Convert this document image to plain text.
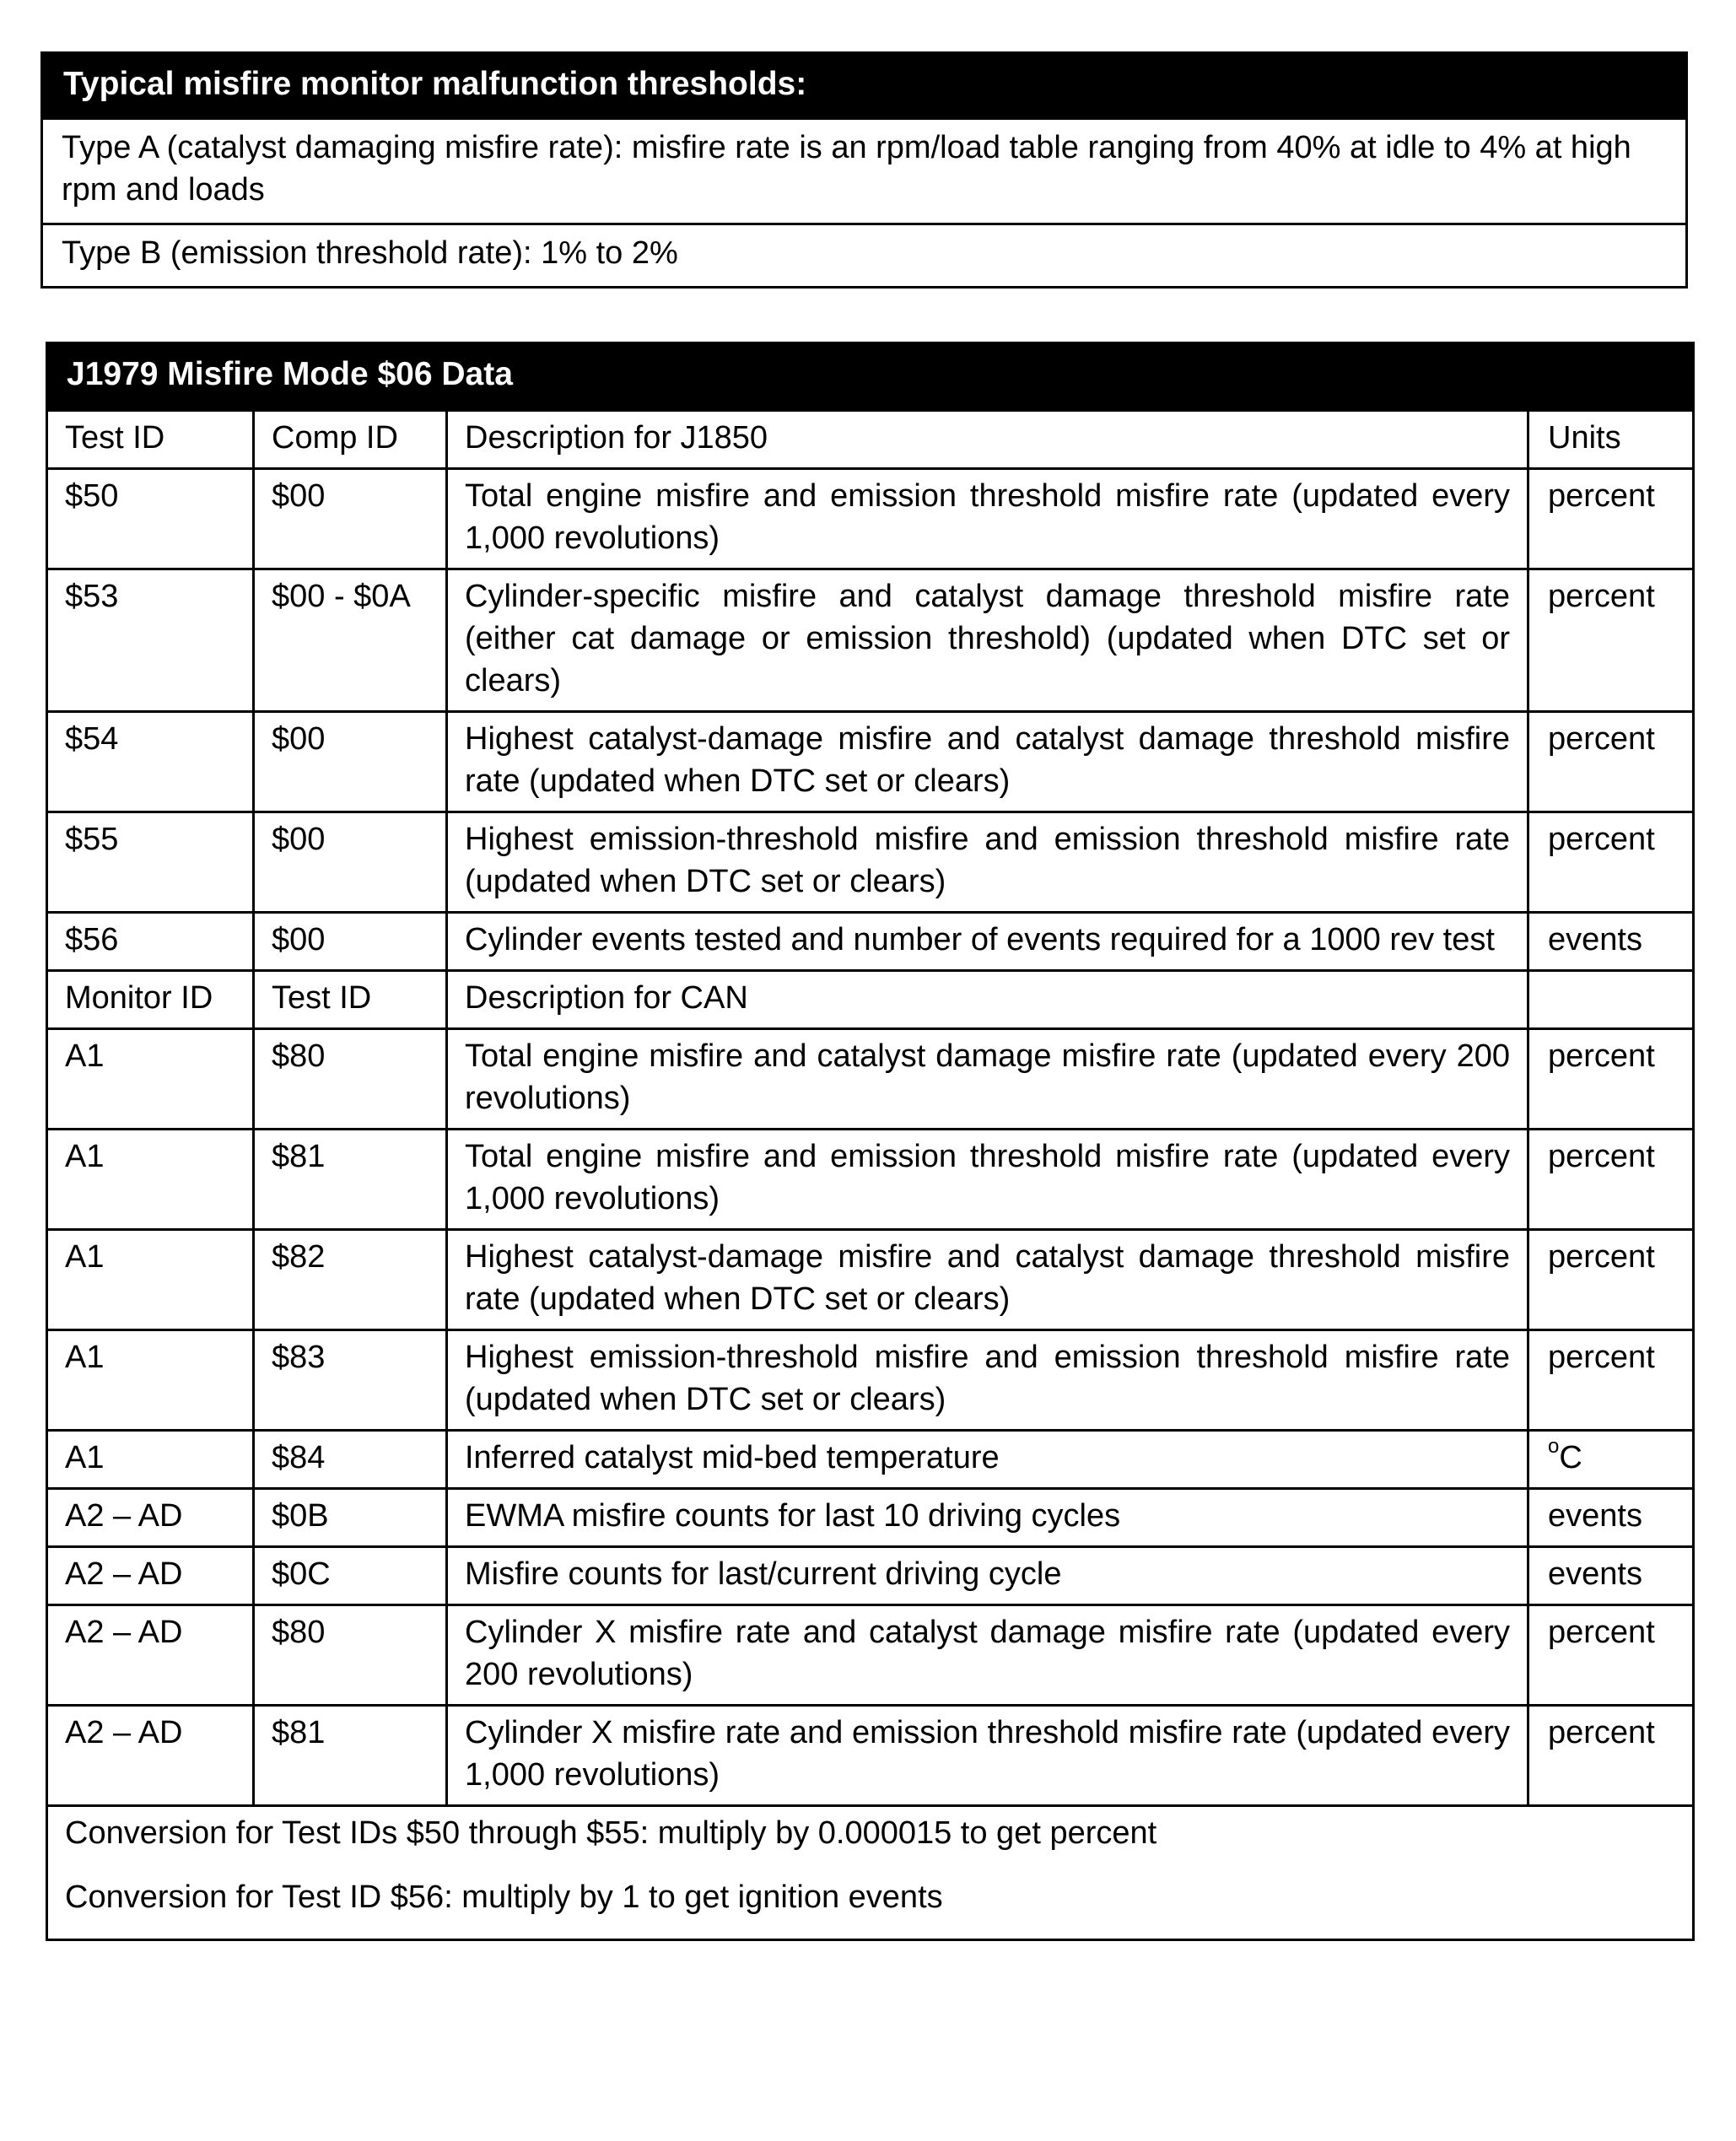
Typical misfire monitor malfunction thresholds:
Type A (catalyst damaging misfire rate): misfire rate is an rpm/load table ranging from 40% at idle to 4% at high rpm and loads
Type B (emission threshold rate): 1% to 2%
J1979 Misfire Mode $06 Data			
Test ID	Comp ID	Description for J1850	Units
$50	$00	Total engine misfire and emission threshold misfire rate (updated every 1,000 revolutions)	percent
$53	$00 - $0A	Cylinder-specific misfire and catalyst damage threshold misfire rate (either cat damage or emission threshold) (updated when DTC set or clears)	percent
$54	$00	Highest catalyst-damage misfire and catalyst damage threshold misfire rate (updated when DTC set or clears)	percent
$55	$00	Highest emission-threshold misfire and emission threshold misfire rate (updated when DTC set or clears)	percent
$56	$00	Cylinder events tested and number of events required for a 1000 rev test	events
Monitor ID	Test ID	Description for CAN	
A1	$80	Total engine misfire and catalyst damage misfire rate (updated every 200 revolutions)	percent
A1	$81	Total engine misfire and emission threshold misfire rate (updated every 1,000 revolutions)	percent
A1	$82	Highest catalyst-damage misfire and catalyst damage threshold misfire rate (updated when DTC set or clears)	percent
A1	$83	Highest emission-threshold misfire and emission threshold misfire rate (updated when DTC set or clears)	percent
A1	$84	Inferred catalyst mid-bed temperature	$^o$C
A2 – AD	$0B	EWMA misfire counts for last 10 driving cycles	events
A2 – AD	$0C	Misfire counts for last/current driving cycle	events
A2 – AD	$80	Cylinder X misfire rate and catalyst damage misfire rate (updated every 200 revolutions)	percent
A2 – AD	$81	Cylinder X misfire rate and emission threshold misfire rate (updated every 1,000 revolutions)	percent

Conversion for Test IDs $50 through $55: multiply by 0.000015 to get percent

Conversion for Test ID $56: multiply by 1 to get ignition events			
